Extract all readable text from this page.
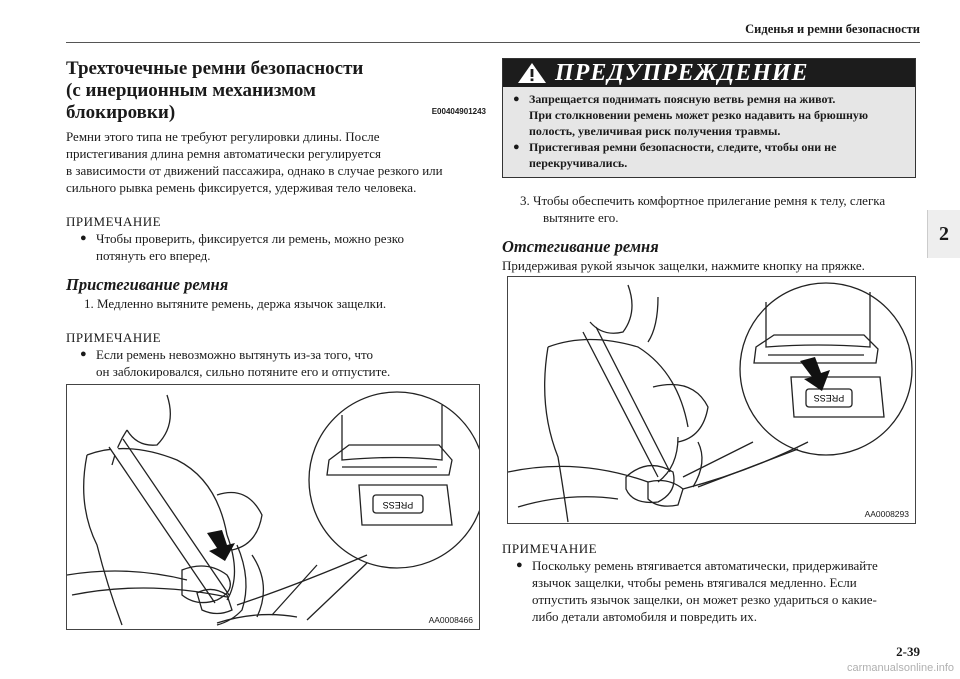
Сиденья и ремни безопасности
2
Трехточечные ремни безопасности
(с инерционным механизмом блокировки)	E00404901243
Ремни этого типа не требуют регулировки длины. После
пристегивания длина ремня автоматически регулируется
в зависимости от движений пассажира, однако в случае резкого или
сильного рывка ремень фиксируется, удерживая тело человека.
ПРИМЕЧАНИЕ
● Чтобы проверить, фиксируется ли ремень, можно резко
потянуть его вперед.
Пристегивание ремня
1. Медленно вытяните ремень, держа язычок защелки.
ПРИМЕЧАНИЕ
● Если ремень невозможно вытянуть из-за того, что
он заблокировался, сильно потяните его и отпустите.
PRESS
AA0008466
ПРЕДУПРЕЖДЕНИЕ
● Запрещается поднимать поясную ветвь ремня на живот.
При столкновении ремень может резко надавить на брюшную
полость, увеличивая риск получения травмы.
● Пристегивая ремни безопасности, следите, чтобы они не
перекручивались.
3. Чтобы обеспечить комфортное прилегание ремня к телу, слегка
вытяните его.
Отстегивание ремня
Придерживая рукой язычок защелки, нажмите кнопку на пряжке.
PRESS
AA0008293
ПРИМЕЧАНИЕ
● Поскольку ремень втягивается автоматически, придерживайте
язычок защелки, чтобы ремень втягивался медленно. Если
отпустить язычок защелки, он может резко удариться о какие-
либо детали автомобиля и повредить их.
2-39
carmanualsonline.info
